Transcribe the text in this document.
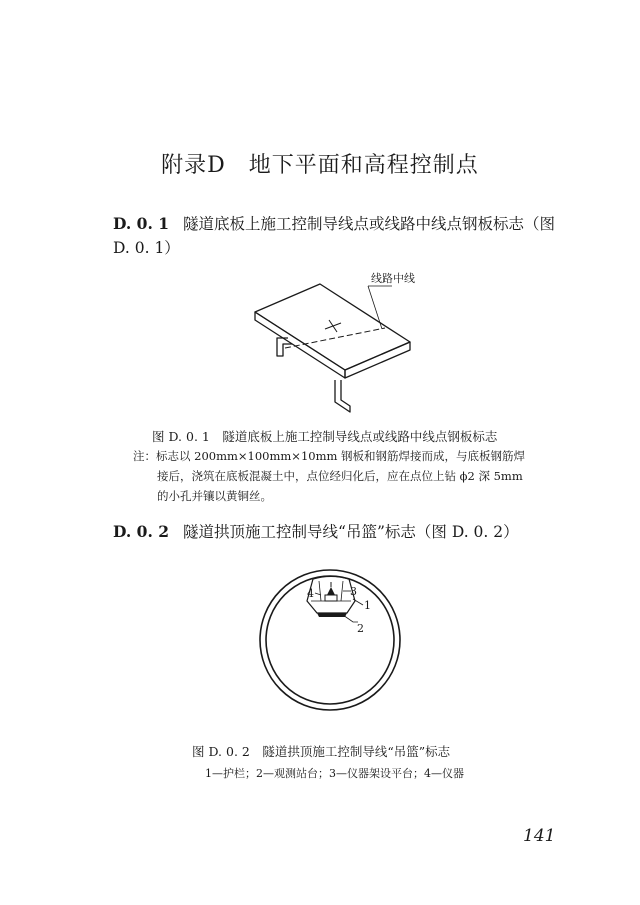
附录D　地下平面和高程控制点
D. 0. 1 隧道底板上施工控制导线点或线路中线点钢板标志（图 D. 0. 1）
线路中线
图 D. 0. 1　隧道底板上施工控制导线点或线路中线点钢板标志
注：标志以 200mm×100mm×10mm 钢板和钢筋焊接而成，与底板钢筋焊
接后，浇筑在底板混凝土中，点位经归化后，应在点位上钻 ϕ2 深 5mm
的小孔并镶以黄铜丝。
D. 0. 2 隧道拱顶施工控制导线“吊篮”标志（图 D. 0. 2）
1
2
3
4
图 D. 0. 2　隧道拱顶施工控制导线“吊篮”标志
1—护栏；2—观测站台；3—仪器架设平台；4—仪器
141
